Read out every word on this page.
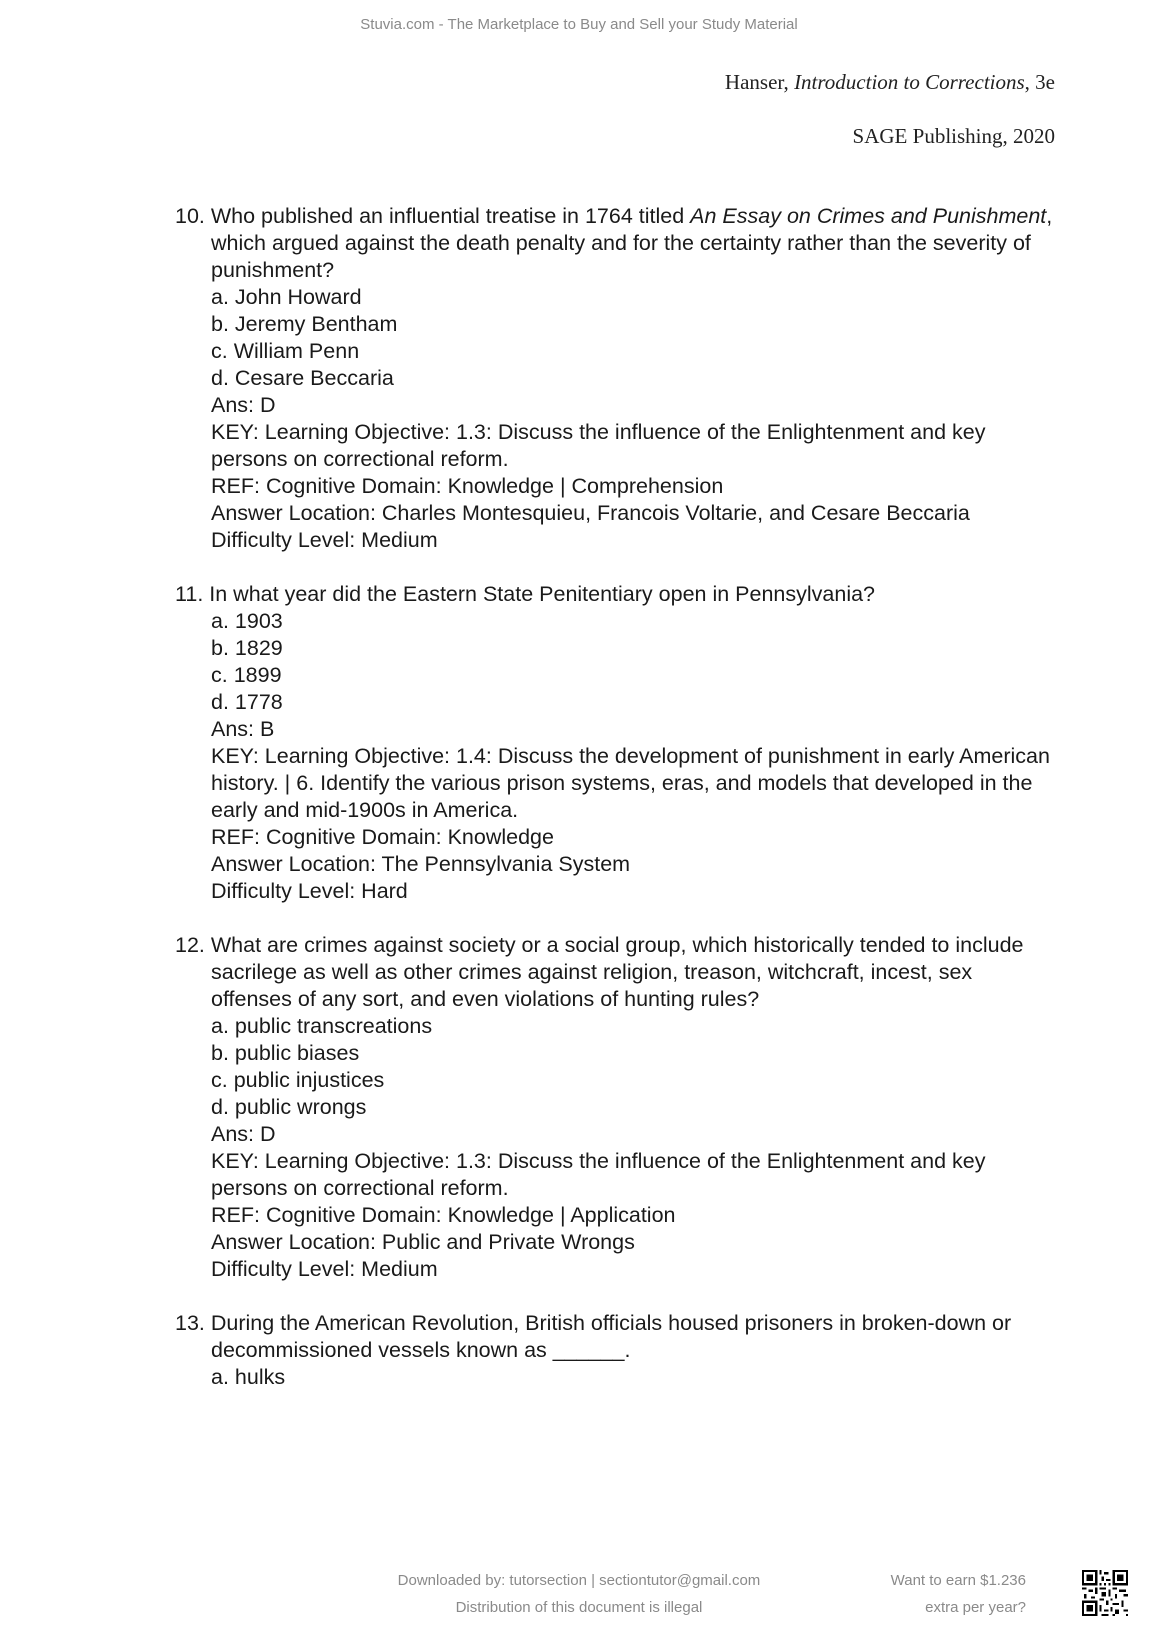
Stuvia.com - The Marketplace to Buy and Sell your Study Material
Hanser, Introduction to Corrections, 3e
SAGE Publishing, 2020
10. Who published an influential treatise in 1764 titled An Essay on Crimes and Punishment, which argued against the death penalty and for the certainty rather than the severity of punishment?
a. John Howard
b. Jeremy Bentham
c. William Penn
d. Cesare Beccaria
Ans: D
KEY: Learning Objective: 1.3: Discuss the influence of the Enlightenment and key persons on correctional reform.
REF: Cognitive Domain: Knowledge | Comprehension
Answer Location: Charles Montesquieu, Francois Voltarie, and Cesare Beccaria
Difficulty Level: Medium
11. In what year did the Eastern State Penitentiary open in Pennsylvania?
a. 1903
b. 1829
c. 1899
d. 1778
Ans: B
KEY: Learning Objective: 1.4: Discuss the development of punishment in early American history. | 6. Identify the various prison systems, eras, and models that developed in the early and mid-1900s in America.
REF: Cognitive Domain: Knowledge
Answer Location: The Pennsylvania System
Difficulty Level: Hard
12. What are crimes against society or a social group, which historically tended to include sacrilege as well as other crimes against religion, treason, witchcraft, incest, sex offenses of any sort, and even violations of hunting rules?
a. public transcreations
b. public biases
c. public injustices
d. public wrongs
Ans: D
KEY: Learning Objective: 1.3: Discuss the influence of the Enlightenment and key persons on correctional reform.
REF: Cognitive Domain: Knowledge | Application
Answer Location: Public and Private Wrongs
Difficulty Level: Medium
13. During the American Revolution, British officials housed prisoners in broken-down or decommissioned vessels known as ______.
a. hulks
Downloaded by: tutorsection | sectiontutor@gmail.com
Distribution of this document is illegal
Want to earn $1.236
extra per year?
